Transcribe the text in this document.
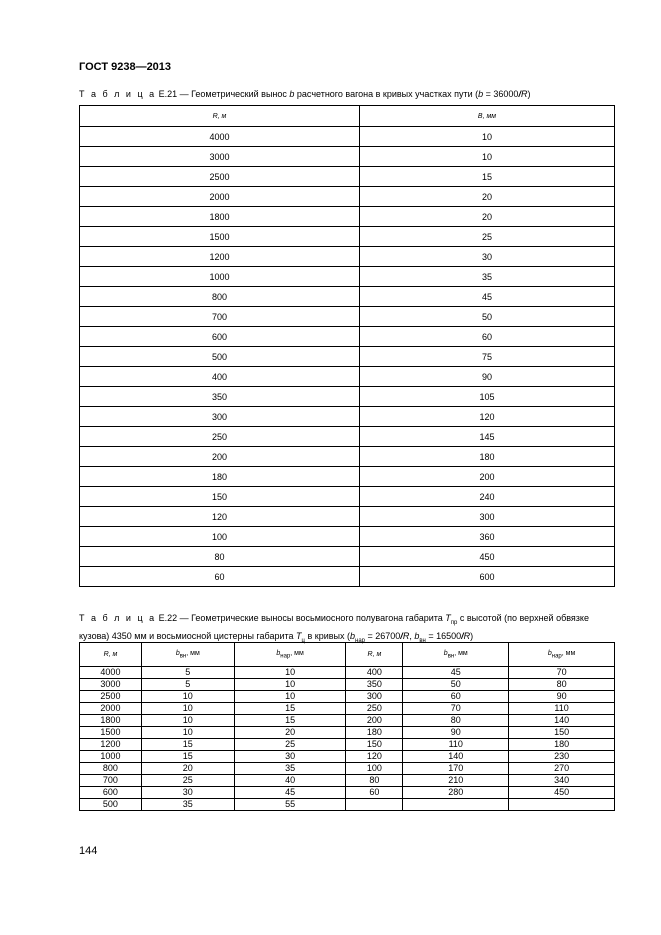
ГОСТ 9238—2013
Т а б л и ц а Е.21 — Геометрический вынос b расчетного вагона в кривых участках пути (b = 36000/R)
R, м	B, мм
4000	10
3000	10
2500	15
2000	20
1800	20
1500	25
1200	30
1000	35
800	45
700	50
600	60
500	75
400	90
350	105
300	120
250	145
200	180
180	200
150	240
120	300
100	360
80	450
60	600
Т а б л и ц а Е.22 — Геометрические выносы восьмиосного полувагона габарита $T_{пр}$ с высотой (по верхней обвязке кузова) 4350 мм и восьмиосной цистерны габарита $T_ц$ в кривых ($b_{нар} = 26700/R$, $b_{вн} = 16500/R$)
R, м	$b_{вн}$, мм	$b_{нар}$, мм	R, м	$b_{вн}$, мм	$b_{нар}$, мм
4000	5	10	400	45	70
3000	5	10	350	50	80
2500	10	10	300	60	90
2000	10	15	250	70	110
1800	10	15	200	80	140
1500	10	20	180	90	150
1200	15	25	150	110	180
1000	15	30	120	140	230
800	20	35	100	170	270
700	25	40	80	210	340
600	30	45	60	280	450
500	35	55			
144
